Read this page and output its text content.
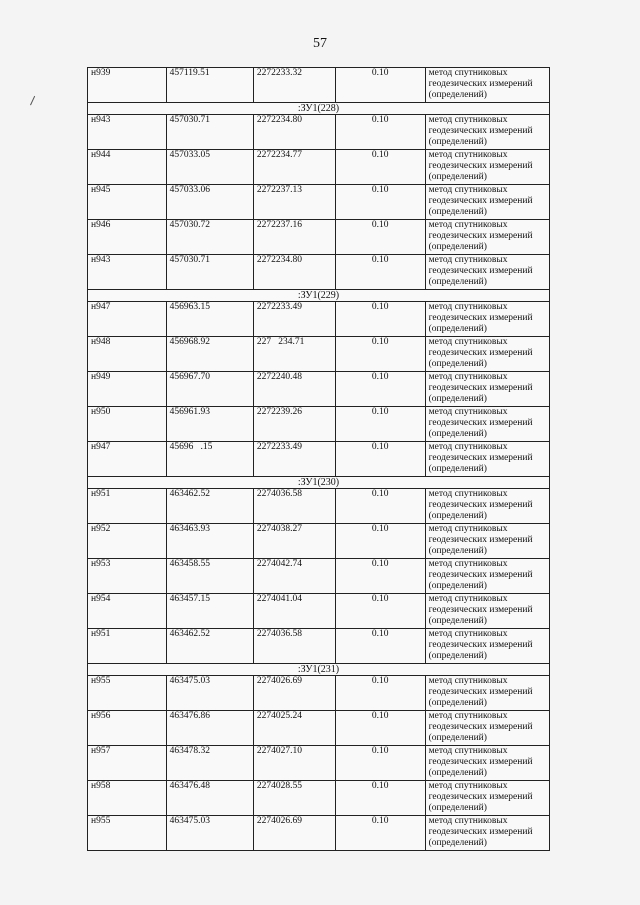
57
н939	457119.51	2272233.32	0.10	метод спутниковых геодезических измерений (определений)
:ЗУ1(228)				
н943	457030.71	2272234.80	0.10	метод спутниковых геодезических измерений (определений)
н944	457033.05	2272234.77	0.10	метод спутниковых геодезических измерений (определений)
н945	457033.06	2272237.13	0.10	метод спутниковых геодезических измерений (определений)
н946	457030.72	2272237.16	0.10	метод спутниковых геодезических измерений (определений)
н943	457030.71	2272234.80	0.10	метод спутниковых геодезических измерений (определений)
:ЗУ1(229)				
н947	456963.15	2272233.49	0.10	метод спутниковых геодезических измерений (определений)
н948	456968.92	227   234.71	0.10	метод спутниковых геодезических измерений (определений)
н949	456967.70	2272240.48	0.10	метод спутниковых геодезических измерений (определений)
н950	456961.93	2272239.26	0.10	метод спутниковых геодезических измерений (определений)
н947	45696   .15	2272233.49	0.10	метод спутниковых геодезических измерений (определений)
:ЗУ1(230)				
н951	463462.52	2274036.58	0.10	метод спутниковых геодезических измерений (определений)
н952	463463.93	2274038.27	0.10	метод спутниковых геодезических измерений (определений)
н953	463458.55	2274042.74	0.10	метод спутниковых геодезических измерений (определений)
н954	463457.15	2274041.04	0.10	метод спутниковых геодезических измерений (определений)
н951	463462.52	2274036.58	0.10	метод спутниковых геодезических измерений (определений)
:ЗУ1(231)				
н955	463475.03	2274026.69	0.10	метод спутниковых геодезических измерений (определений)
н956	463476.86	2274025.24	0.10	метод спутниковых геодезических измерений (определений)
н957	463478.32	2274027.10	0.10	метод спутниковых геодезических измерений (определений)
н958	463476.48	2274028.55	0.10	метод спутниковых геодезических измерений (определений)
н955	463475.03	2274026.69	0.10	метод спутниковых геодезических измерений (определений)
